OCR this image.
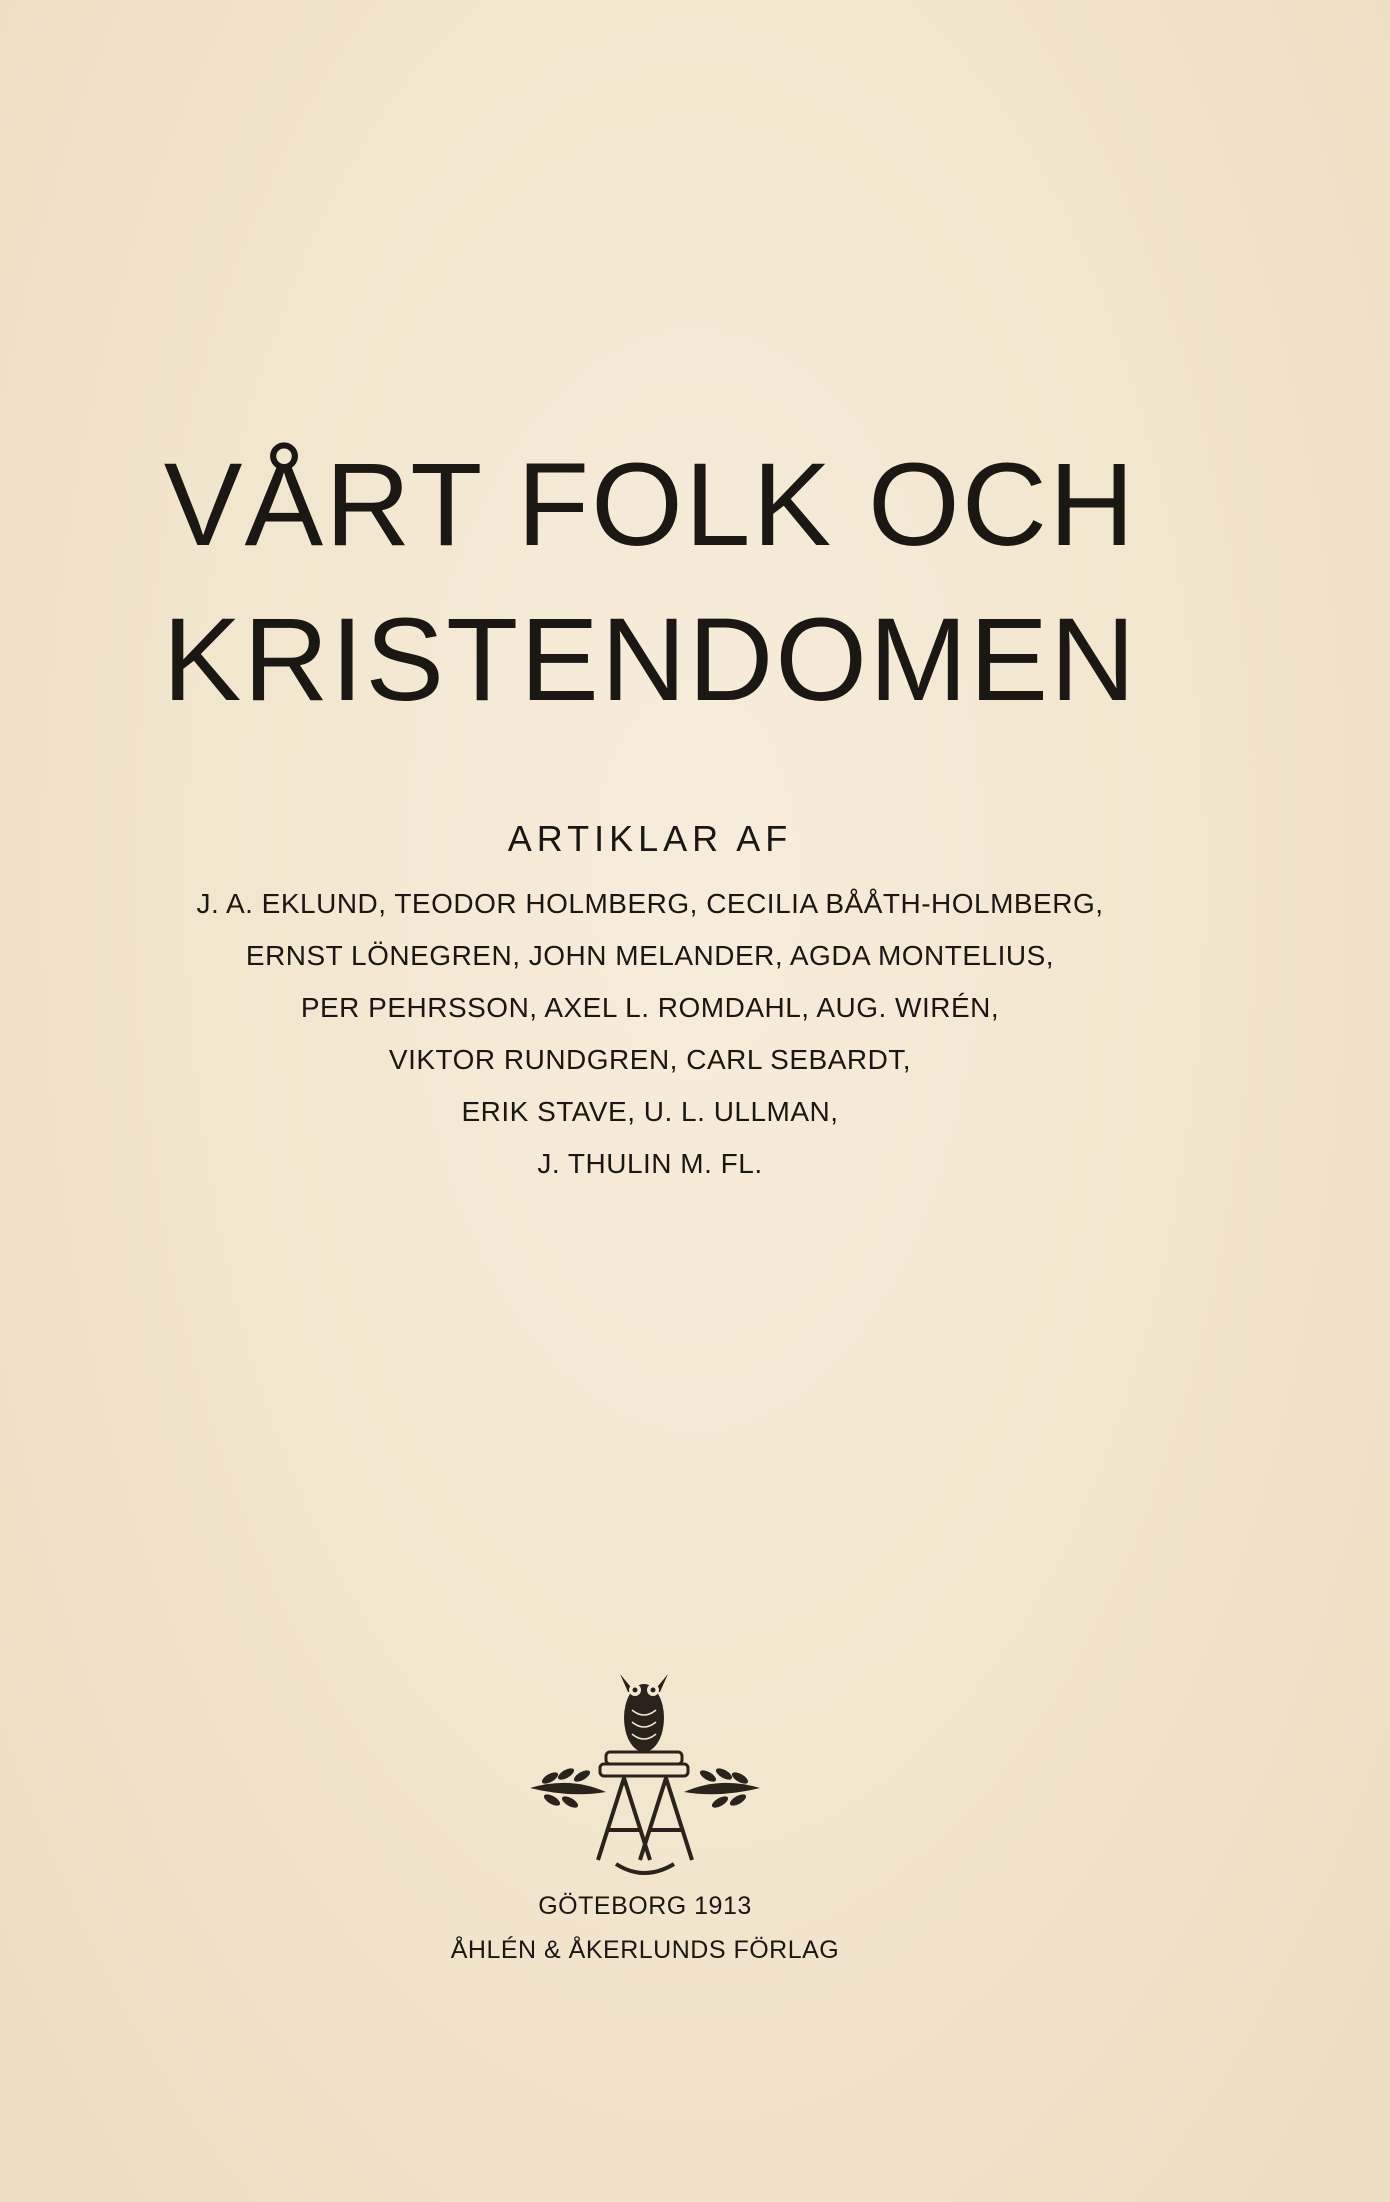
VÅRT FOLK OCH
KRISTENDOMEN
ARTIKLAR AF
J. A. EKLUND, TEODOR HOLMBERG, CECILIA BÅÅTH-HOLMBERG,
ERNST LÖNEGREN, JOHN MELANDER, AGDA MONTELIUS,
PER PEHRSSON, AXEL L. ROMDAHL, AUG. WIRÉN,
VIKTOR RUNDGREN, CARL SEBARDT,
ERIK STAVE, U. L. ULLMAN,
J. THULIN M. FL.
GÖTEBORG 1913
ÅHLÉN & ÅKERLUNDS FÖRLAG
